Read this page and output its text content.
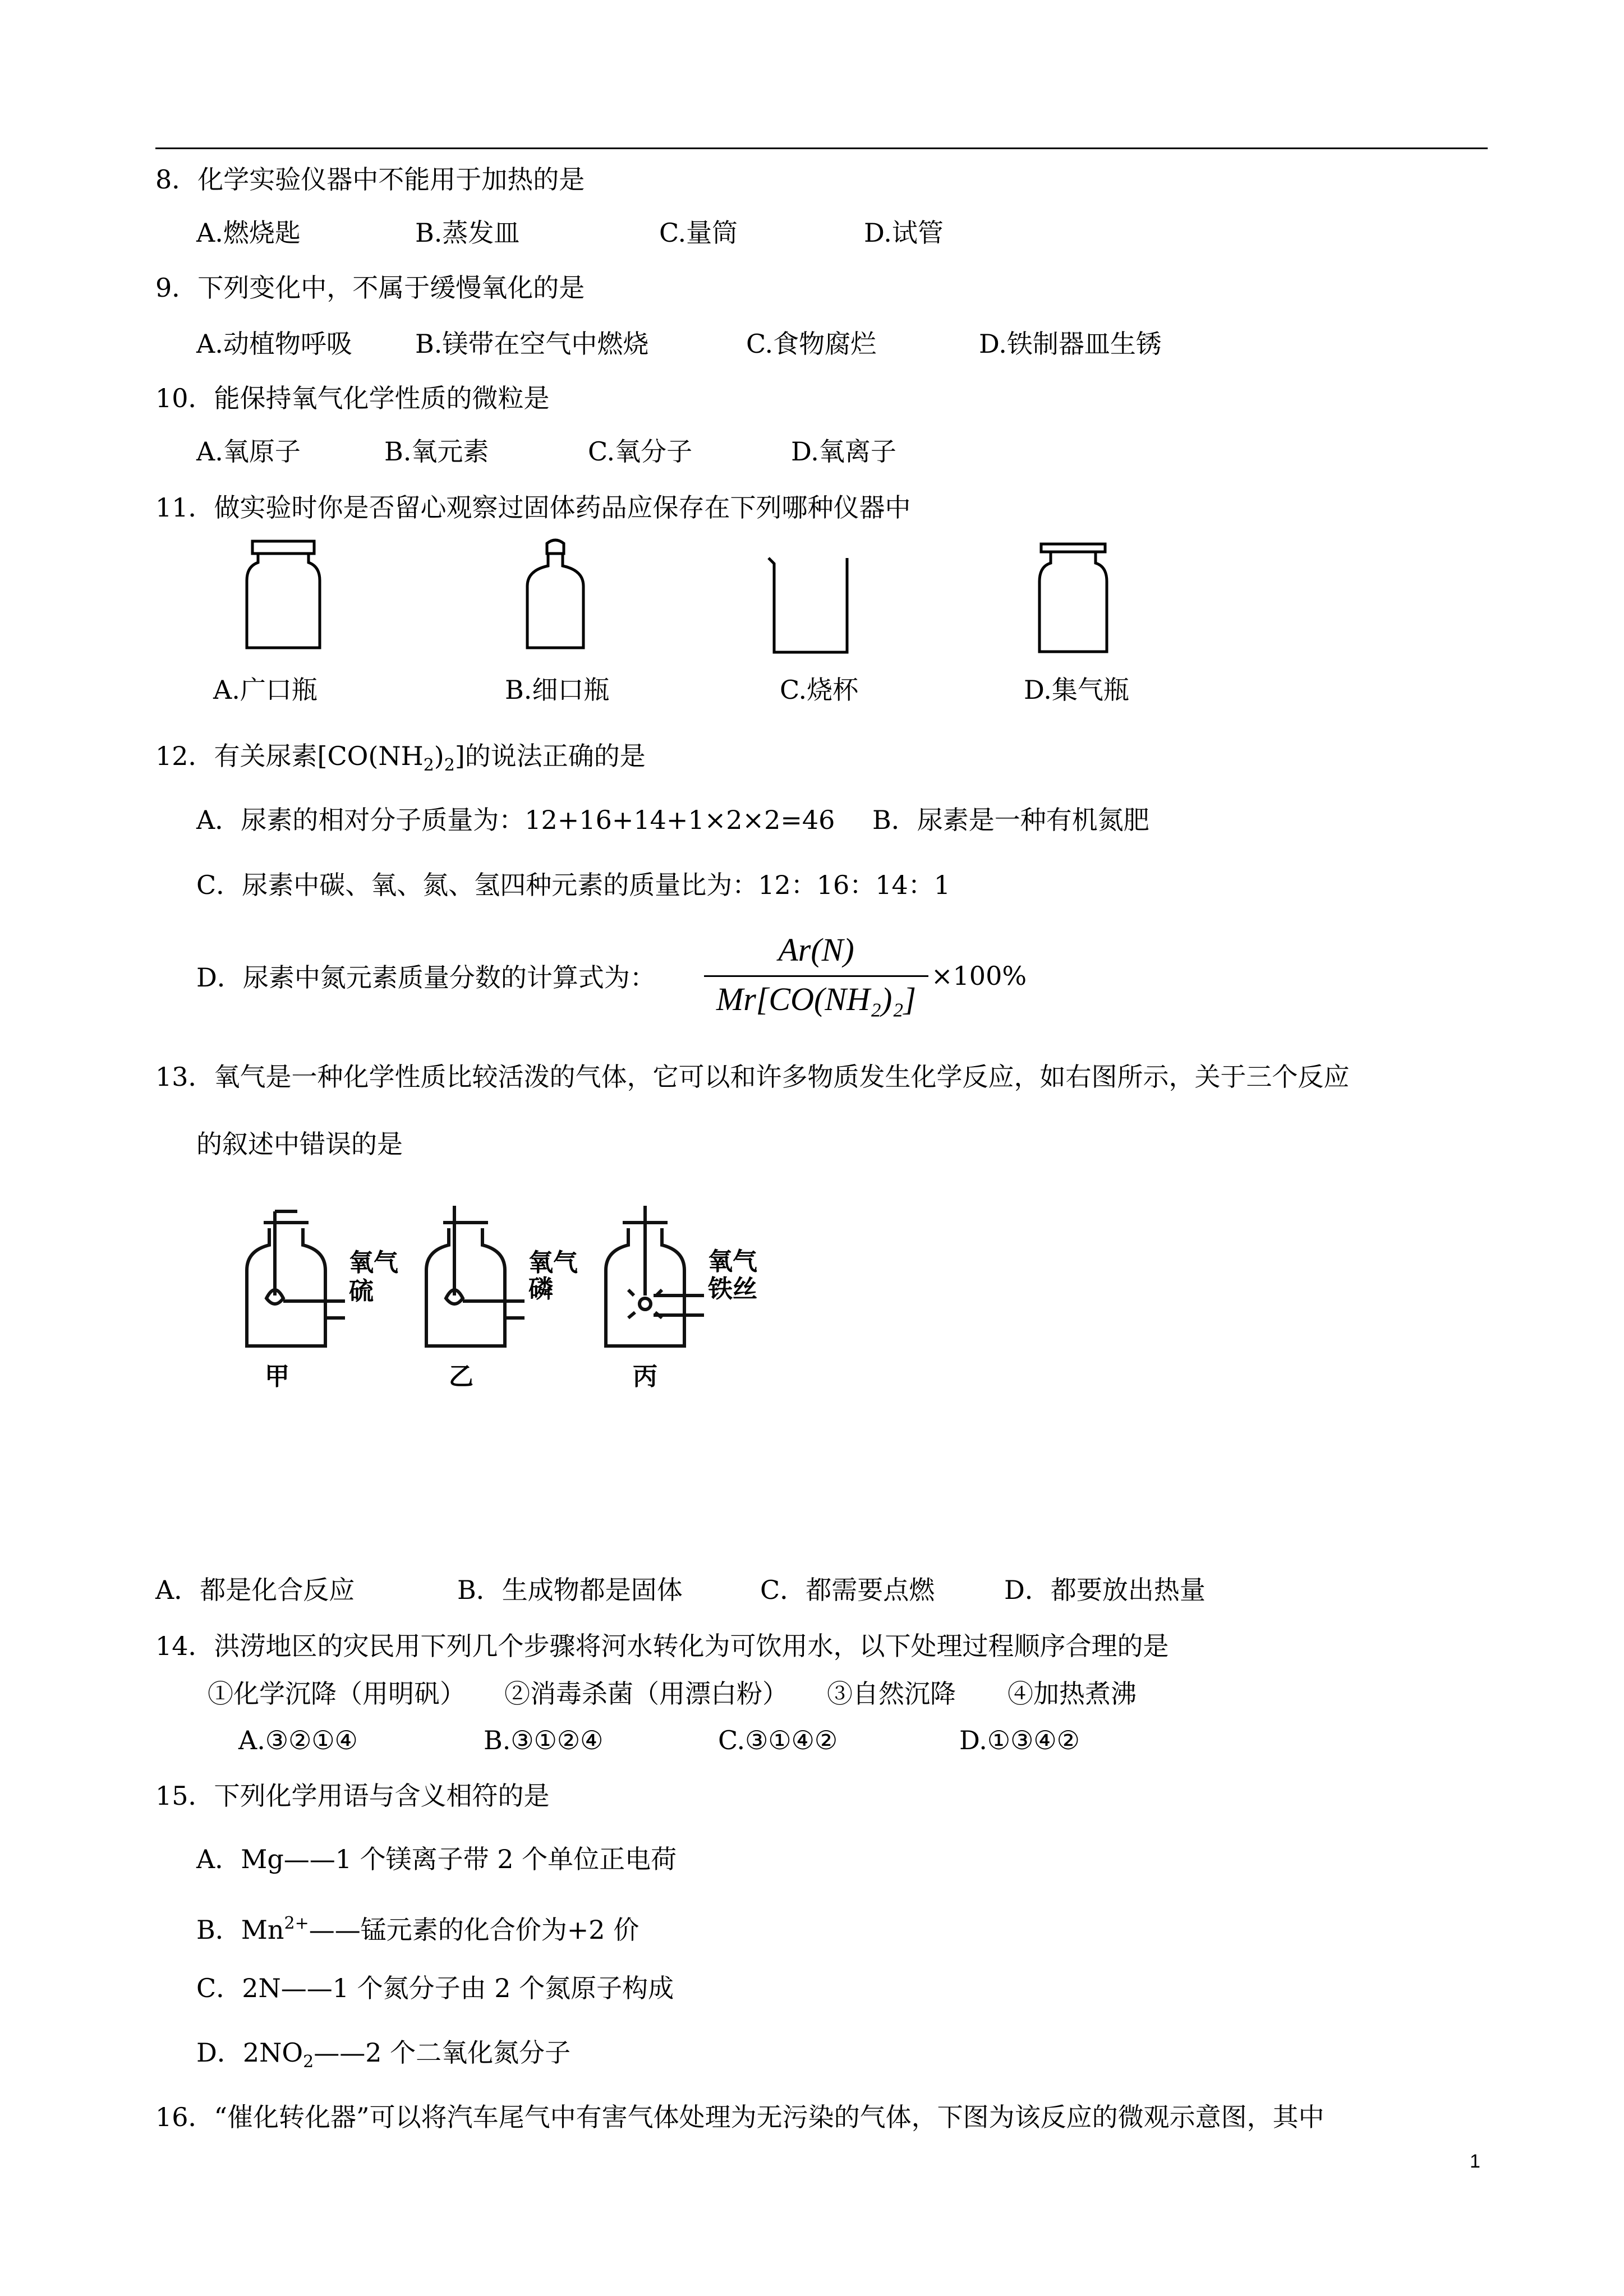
8．化学实验仪器中不能用于加热的是
A.燃烧匙	B.蒸发皿	C.量筒	D.试管
9．下列变化中，不属于缓慢氧化的是
A.动植物呼吸 B.镁带在空气中燃烧	C.食物腐烂	D.铁制器皿生锈
10．能保持氧气化学性质的微粒是
A.氧原子	B.氧元素	C.氧分子	D.氧离子
11．做实验时你是否留心观察过固体药品应保存在下列哪种仪器中
A.广口瓶	B.细口瓶	C.烧杯	D.集气瓶
12．有关尿素$[CO(NH_2)_2]$的说法正确的是
A．尿素的相对分子质量为：12+16+14+1×2×2=46 B．尿素是一种有机氮肥
C．尿素中碳、氧、氮、氢四种元素的质量比为：12：16：14：1
D．尿素中氮元素质量分数的计算式为：
Ar(N)
Mr[CO(NH₂)₂]
×100%
13．氧气是一种化学性质比较活泼的气体，它可以和许多物质发生化学反应，如右图所示，关于三个反应
的叙述中错误的是
氧气
硫
氧气
磷
氧气
铁丝
甲	乙	丙
A．都是化合反应	B．生成物都是固体	C．都需要点燃	D．都要放出热量
14．洪涝地区的灾民用下列几个步骤将河水转化为可饮用水，以下处理过程顺序合理的是
①化学沉降（用明矾）　　②消毒杀菌（用漂白粉）　　③自然沉降　　④加热煮沸
A.③②①④	B.③①②④	C.③①④②	D.①③④②
15．下列化学用语与含义相符的是
A．Mg——1 个镁离子带 2 个单位正电荷
B．$Mn^{2+}——$锰元素的化合价为+2 价
C．2N——1 个氮分子由 2 个氮原子构成
D．$2NO_2——2$ 个二氧化氮分子
16．“催化转化器”可以将汽车尾气中有害气体处理为无污染的气体，下图为该反应的微观示意图，其中
1
